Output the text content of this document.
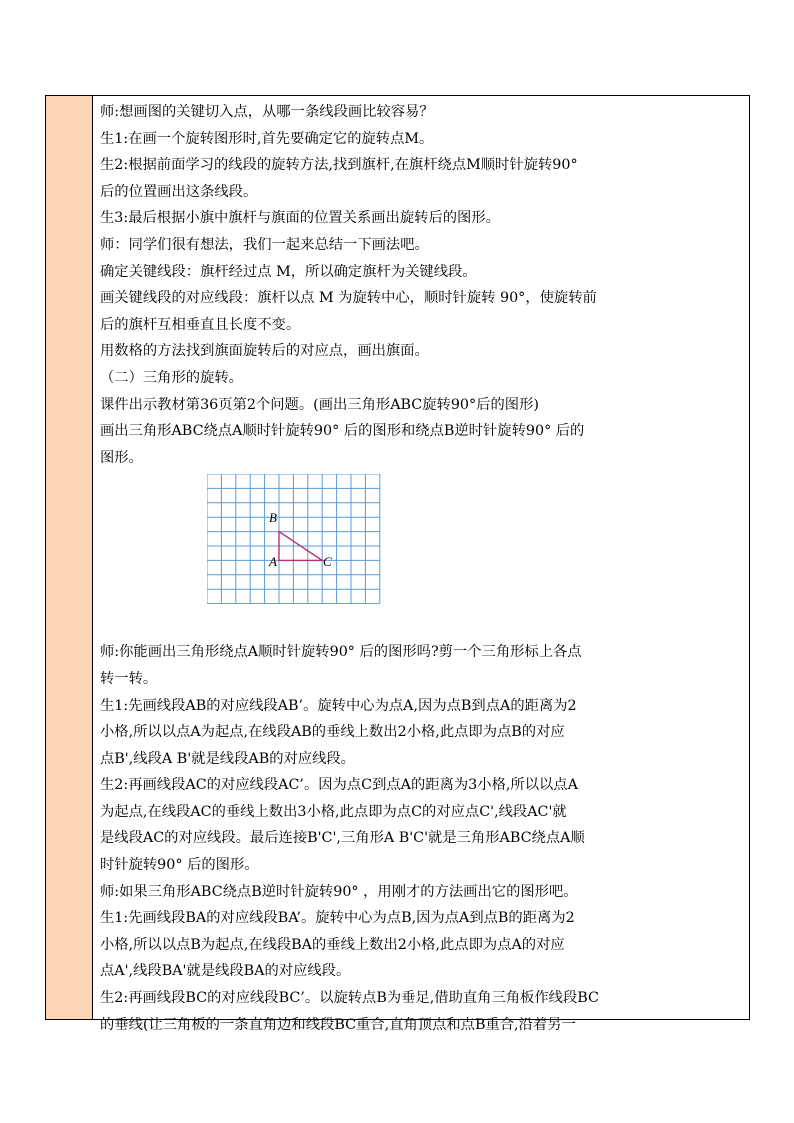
师:想画图的关键切入点，从哪一条线段画比较容易？
生1:在画一个旋转图形时,首先要确定它的旋转点M。
生2:根据前面学习的线段的旋转方法,找到旗杆,在旗杆绕点M顺时针旋转90°
后的位置画出这条线段。
生3:最后根据小旗中旗杆与旗面的位置关系画出旋转后的图形。
师：同学们很有想法，我们一起来总结一下画法吧。
确定关键线段：旗杆经过点 M，所以确定旗杆为关键线段。
画关键线段的对应线段：旗杆以点 M 为旋转中心，顺时针旋转 90°，使旋转前
后的旗杆互相垂直且长度不变。
用数格的方法找到旗面旋转后的对应点，画出旗面。
（二）三角形的旋转。
课件出示教材第36页第2个问题。(画出三角形ABC旋转90°后的图形)
画出三角形ABC绕点A顺时针旋转90° 后的图形和绕点B逆时针旋转90° 后的
图形。
B
A	C
师:你能画出三角形绕点A顺时针旋转90° 后的图形吗?剪一个三角形标上各点
转一转。
生1:先画线段AB的对应线段AB’。旋转中心为点A,因为点B到点A的距离为2
小格,所以以点A为起点,在线段AB的垂线上数出2小格,此点即为点B的对应
点B',线段A B'就是线段AB的对应线段。
生2:再画线段AC的对应线段AC’。因为点C到点A的距离为3小格,所以以点A
为起点,在线段AC的垂线上数出3小格,此点即为点C的对应点C',线段AC'就
是线段AC的对应线段。最后连接B'C',三角形A B'C'就是三角形ABC绕点A顺
时针旋转90° 后的图形。
师:如果三角形ABC绕点B逆时针旋转90° ，用刚才的方法画出它的图形吧。
生1:先画线段BA的对应线段BA’。旋转中心为点B,因为点A到点B的距离为2
小格,所以以点B为起点,在线段BA的垂线上数出2小格,此点即为点A的对应
点A',线段BA'就是线段BA的对应线段。
生2:再画线段BC的对应线段BC’。以旋转点B为垂足,借助直角三角板作线段BC
的垂线(让三角板的一条直角边和线段BC重合,直角顶点和点B重合,沿着另一
